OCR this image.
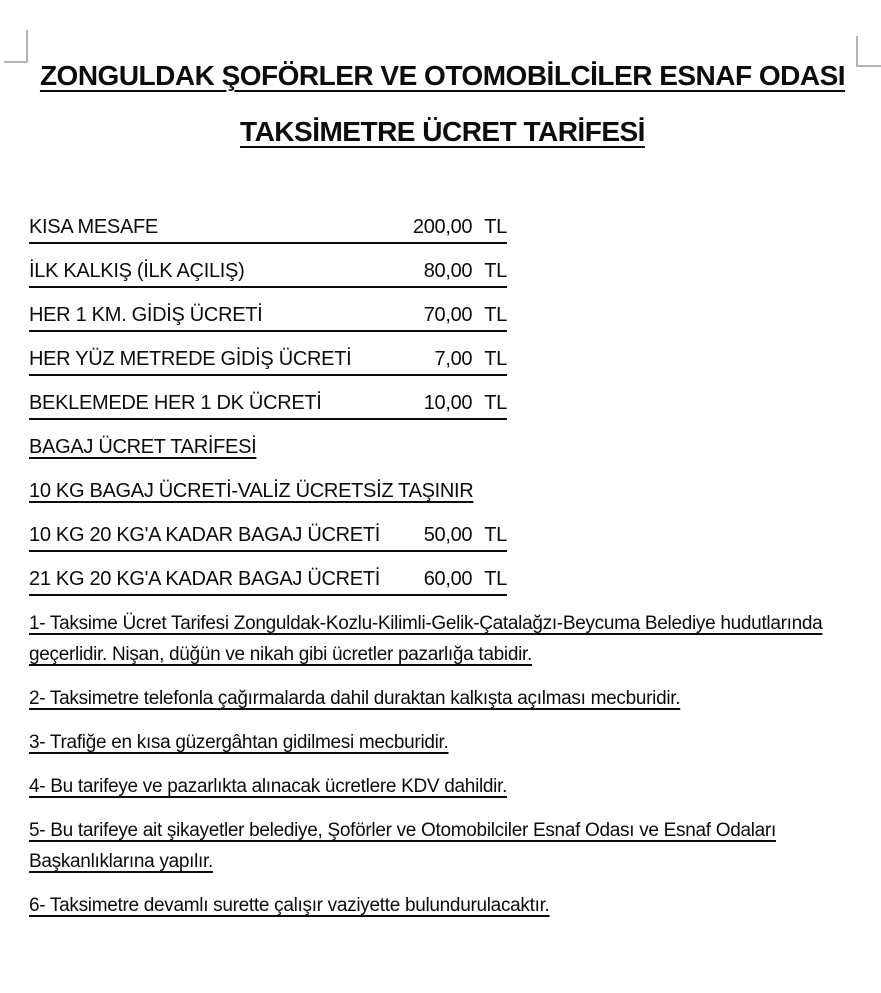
ZONGULDAK ŞOFÖRLER VE OTOMOBİLCİLER ESNAF ODASI
TAKSİMETRE ÜCRET TARİFESİ
KISA MESAFE	200,00 TL
İLK KALKIŞ (İLK AÇILIŞ)	80,00 TL
HER 1 KM. GİDİŞ ÜCRETİ	70,00 TL
HER YÜZ METREDE GİDİŞ ÜCRETİ	7,00 TL
BEKLEMEDE HER 1 DK ÜCRETİ	10,00 TL
BAGAJ ÜCRET TARİFESİ
10 KG BAGAJ ÜCRETİ-VALİZ ÜCRETSİZ TAŞINIR
10 KG 20 KG'A KADAR BAGAJ ÜCRETİ 50,00 TL
21 KG 20 KG'A KADAR BAGAJ ÜCRETİ 60,00 TL

1- Taksime Ücret Tarifesi Zonguldak-Kozlu-Kilimli-Gelik-Çatalağzı-Beycuma Belediye hudutlarında geçerlidir. Nişan, düğün ve nikah gibi ücretler pazarlığa tabidir.

2- Taksimetre telefonla çağırmalarda dahil duraktan kalkışta açılması mecburidir.

3- Trafiğe en kısa güzergâhtan gidilmesi mecburidir.

4- Bu tarifeye ve pazarlıkta alınacak ücretlere KDV dahildir.

5- Bu tarifeye ait şikayetler belediye, Şoförler ve Otomobilciler Esnaf Odası ve Esnaf Odaları Başkanlıklarına yapılır.

6- Taksimetre devamlı surette çalışır vaziyette bulundurulacaktır.
